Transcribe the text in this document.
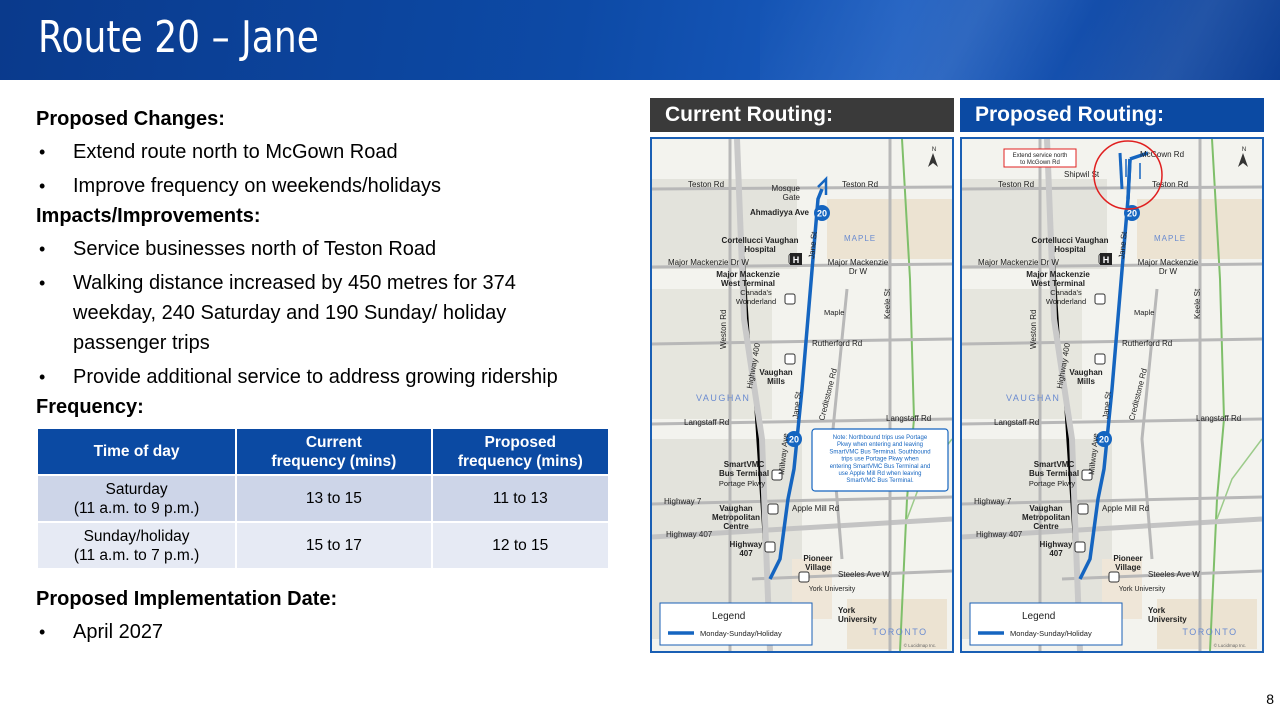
Route 20 – Jane
Proposed Changes:
• Extend route north to McGown Road
• Improve frequency on weekends/holidays
Impacts/Improvements:
• Service businesses north of Teston Road
• Walking distance increased by 450 metres for 374 weekday, 240 Saturday and 190 Sunday/ holiday passenger trips
• Provide additional service to address growing ridership
Frequency:
Time of day	Current frequency (mins)	Proposed frequency (mins)
Saturday
(11 a.m. to 9 p.m.)	13 to 15	11 to 13
Sunday/holiday
(11 a.m. to 7 p.m.)	15 to 17	12 to 15
Proposed Implementation Date:
• April 2027
Current Routing:
20
20
H
N
Teston Rd	Teston Rd
Mosque
Gate
Ahmadiyya Ave
Cortellucci Vaughan
Hospital
MAPLE
Major Mackenzie Dr W	Major Mackenzie
Dr W
Major Mackenzie
West Terminal
Canada's
Wonderland
Maple
Weston Rd
Highway 400
Keele St
Jane St
Jane St
Rutherford Rd
Vaughan
Mills	Creditstone Rd
VAUGHAN
Langstaff Rd	Langstaff Rd
Millway Ave
SmartVMC
Bus Terminal
Portage Pkwy
Highway 7
Apple Mill Rd
Vaughan
Metropolitan
Centre
Highway 407
Highway
407
Pioneer
Village
Steeles Ave W
York University
York
University
TORONTO
© Lucidmap Inc.
Legend
Monday-Sunday/Holiday
Note: Northbound trips use Portage
Pkwy when entering and leaving
SmartVMC Bus Terminal. Southbound
trips use Portage Pkwy when
entering SmartVMC Bus Terminal and
use Apple Mill Rd when leaving
SmartVMC Bus Terminal.
Proposed Routing:
20
20
H
N
Teston Rd	Teston Rd
McGown Rd
Shipwil St
Extend service north
to McGown Rd
Cortellucci Vaughan
Hospital
MAPLE
Major Mackenzie Dr W	Major Mackenzie
Dr W
Major Mackenzie
West Terminal
Canada's
Wonderland
Maple
Weston Rd
Highway 400
Keele St
Jane St
Jane St
Rutherford Rd
Vaughan
Mills	Creditstone Rd
VAUGHAN
Langstaff Rd	Langstaff Rd
Millway Ave
SmartVMC
Bus Terminal
Portage Pkwy
Highway 7
Apple Mill Rd
Vaughan
Metropolitan
Centre
Highway 407
Highway
407
Pioneer
Village
Steeles Ave W
York University
York
University
TORONTO
© Lucidmap Inc.
Legend
Monday-Sunday/Holiday
8
